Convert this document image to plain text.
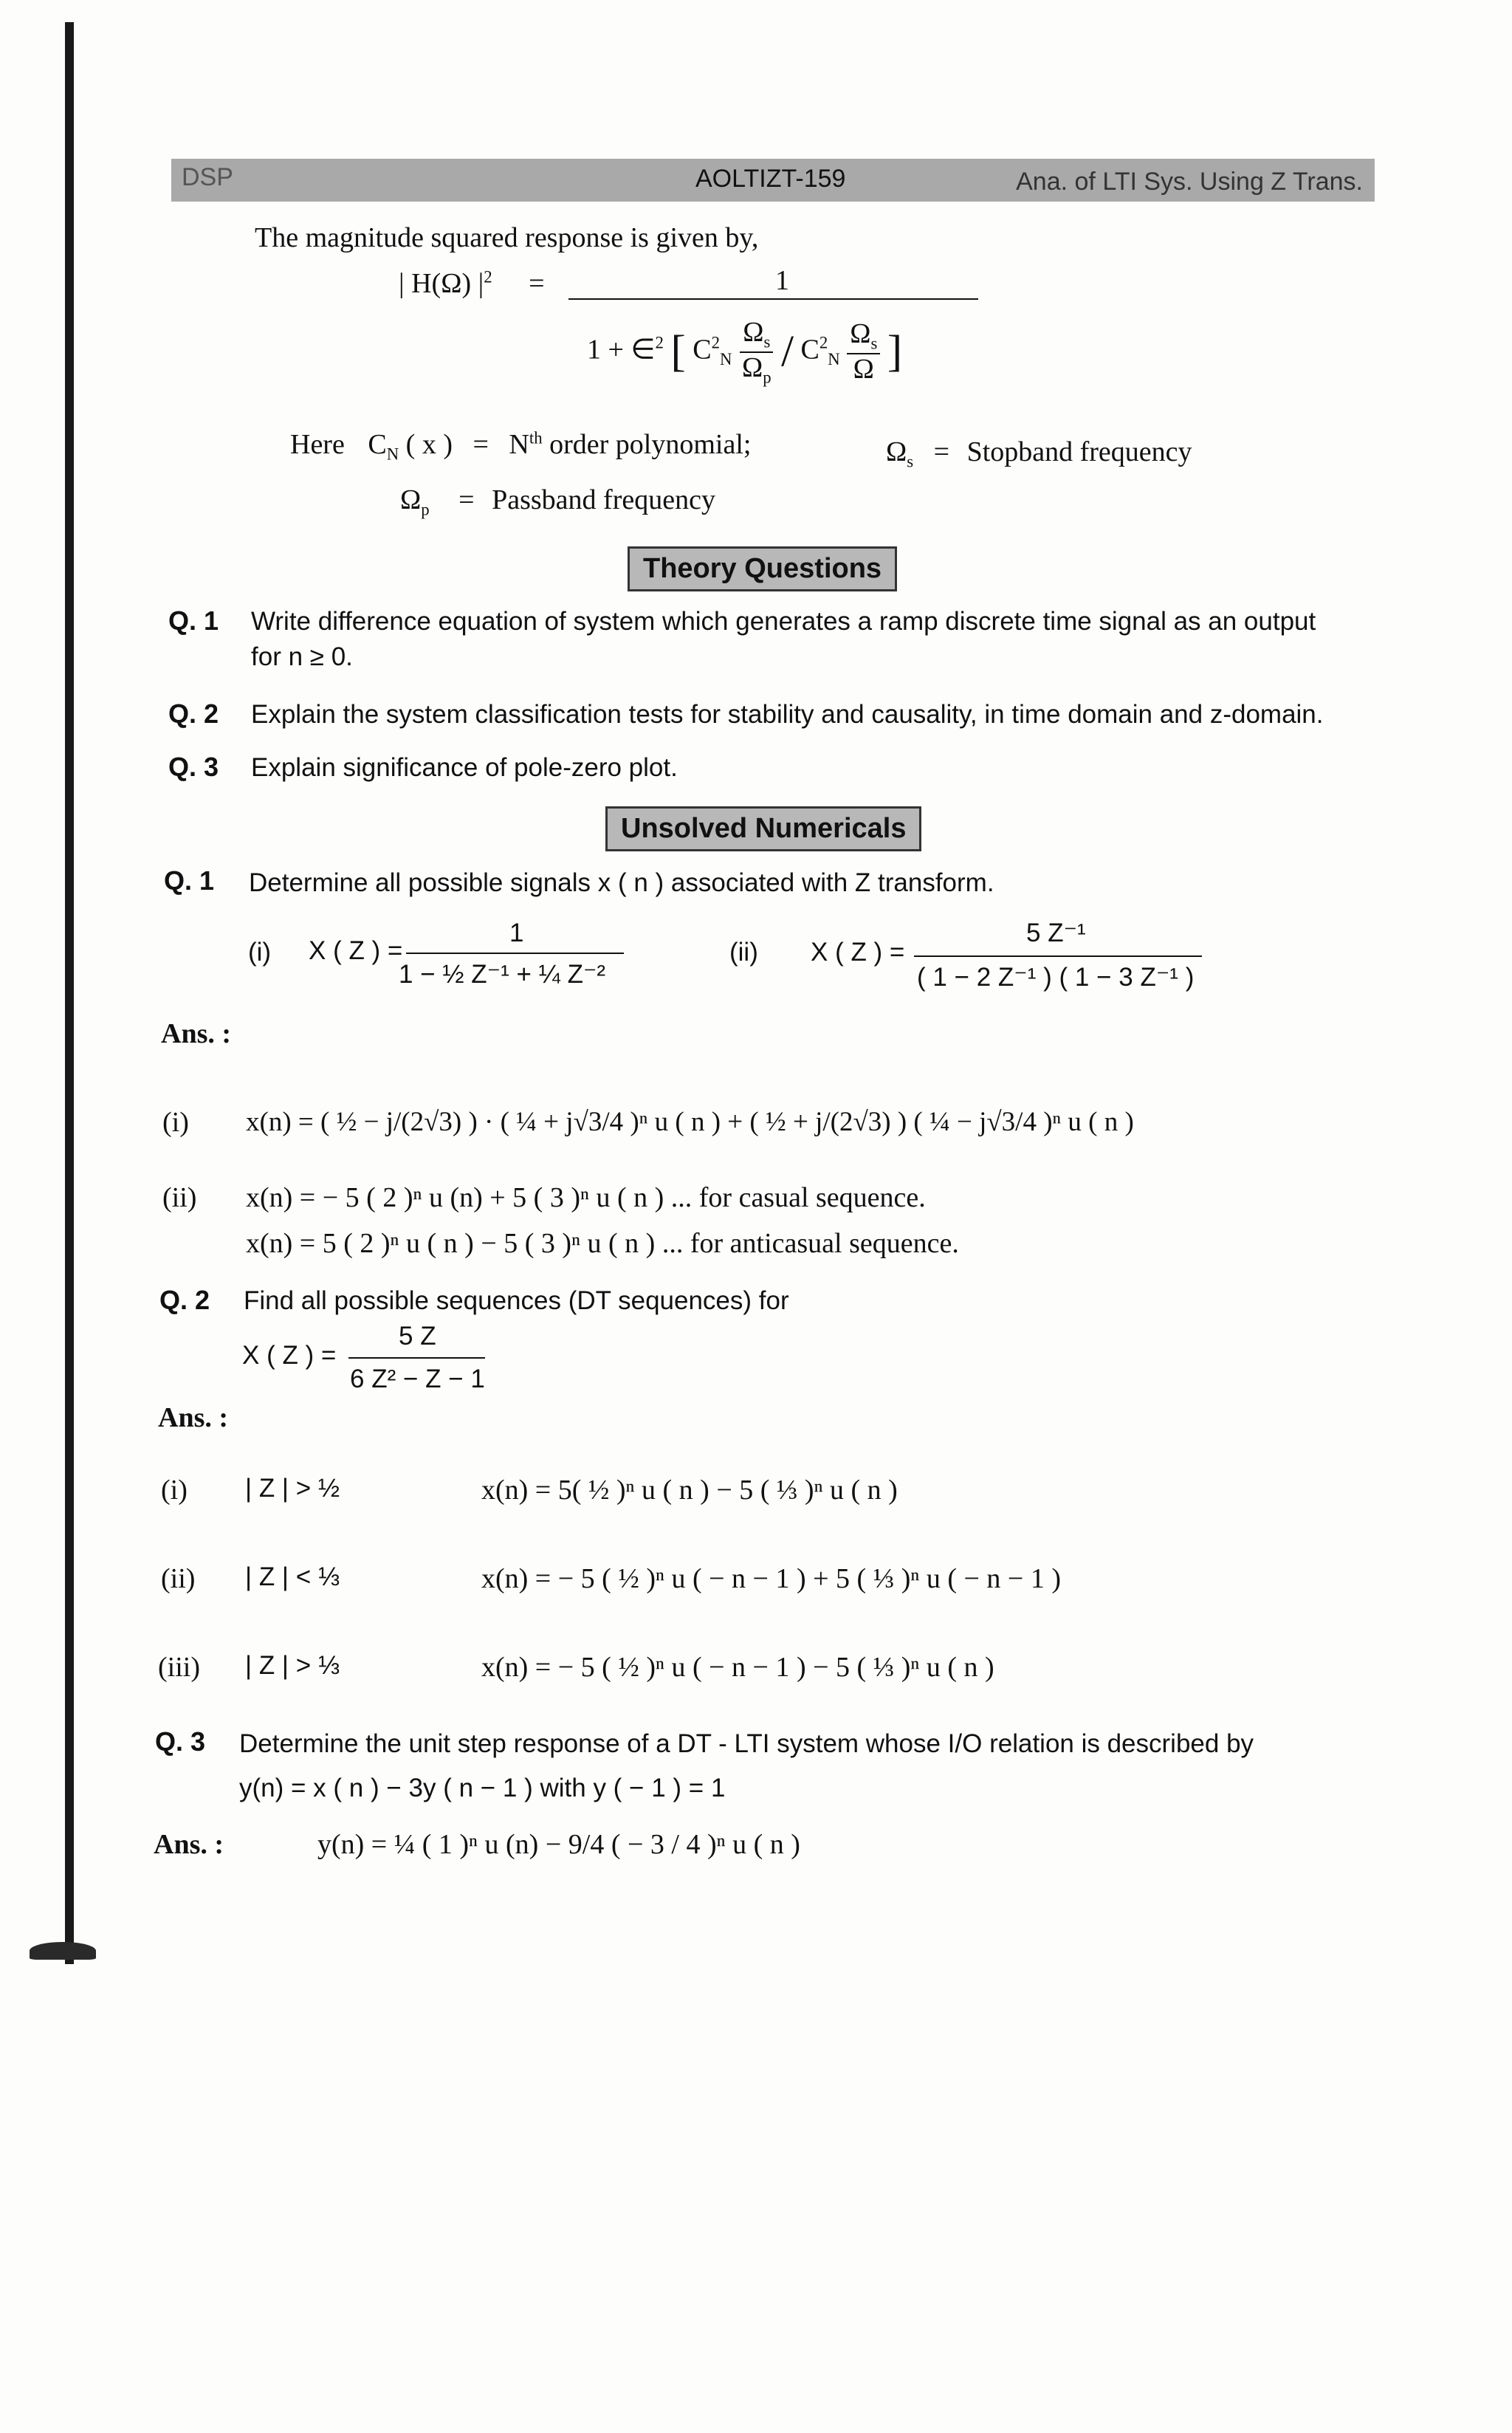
DSP	AOLTIZT-159	Ana. of LTI Sys. Using Z Trans.
The magnitude squared response is given by,
| H(Ω) $|^2$ =	1
1 + ∈$^2$ [ $C^2_N \frac{\Omega_s}{\Omega_p} / C^2_N \frac{\Omega_s}{\Omega}$ ]
Here $C_N$ ( x ) = $N^{th}$ order polynomial;	$\Omega_s$ = Stopband frequency
$\Omega_p$ = Passband frequency
Theory Questions
Q. 1 Write difference equation of system which generates a ramp discrete time signal as an output
for n ≥ 0.
Q. 2 Explain the system classification tests for stability and causality, in time domain and z-domain.
Q. 3 Explain significance of pole-zero plot.
Unsolved Numericals
Q. 1 Determine all possible signals x ( n ) associated with Z transform.
(i) X ( Z ) =
1
1 − ½ Z⁻¹ + ¼ Z⁻²
(ii) X ( Z ) =
5 Z⁻¹
( 1 − 2 Z⁻¹ ) ( 1 − 3 Z⁻¹ )
Ans. :
(i) x(n) = ( ½ − j/(2√3) ) · ( ¼ + j√3/4 )ⁿ u ( n ) + ( ½ + j/(2√3) ) ( ¼ − j√3/4 )ⁿ u ( n )
(ii) x(n) = − 5 ( 2 )ⁿ u (n) + 5 ( 3 )ⁿ u ( n ) ... for casual sequence.
x(n) = 5 ( 2 )ⁿ u ( n ) − 5 ( 3 )ⁿ u ( n ) ... for anticasual sequence.
Q. 2 Find all possible sequences (DT sequences) for
X ( Z ) =
5 Z
6 Z² − Z − 1
Ans. :
(i) | Z | > ½	x(n) = 5( ½ )ⁿ u ( n ) − 5 ( ⅓ )ⁿ u ( n )
(ii) | Z | < ⅓	x(n) = − 5 ( ½ )ⁿ u ( − n − 1 ) + 5 ( ⅓ )ⁿ u ( − n − 1 )
(iii) | Z | > ⅓	x(n) = − 5 ( ½ )ⁿ u ( − n − 1 ) − 5 ( ⅓ )ⁿ u ( n )
Q. 3 Determine the unit step response of a DT - LTI system whose I/O relation is described by
y(n) = x ( n ) − 3y ( n − 1 ) with y ( − 1 ) = 1
Ans. :	y(n) = ¼ ( 1 )ⁿ u (n) − 9/4 ( − 3 / 4 )ⁿ u ( n )
